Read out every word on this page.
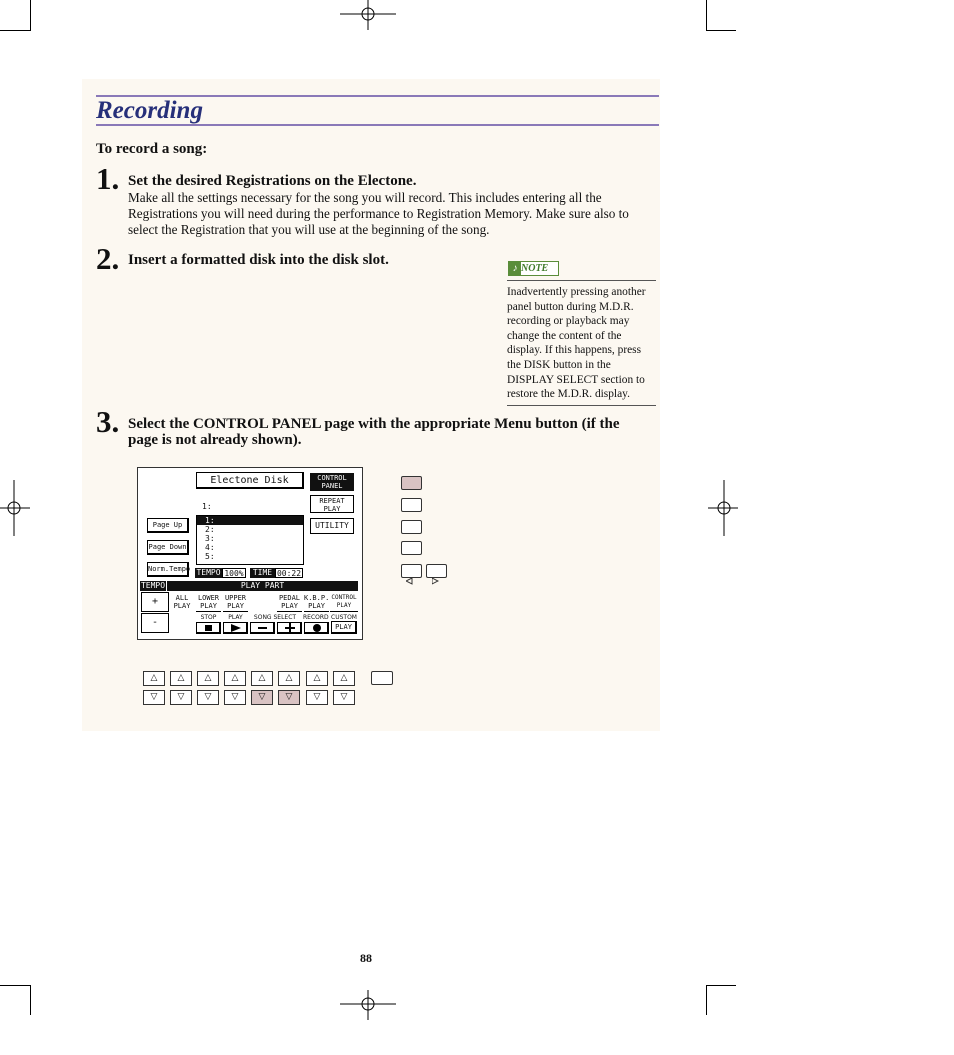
Recording
To record a song:
1. Set the desired Registrations on the Electone.
Make all the settings necessary for the song you will record. This includes entering all the
Registrations you will need during the performance to Registration Memory. Make sure also to
select the Registration that you will use at the beginning of the song.
2. Insert a formatted disk into the disk slot.
♪ NOTE
Inadvertently pressing another
panel button during M.D.R.
recording or playback may
change the content of the
display. If this happens, press
the DISK button in the
DISPLAY SELECT section to
restore the M.D.R. display.
3. Select the CONTROL PANEL page with the appropriate Menu button (if the
page is not already shown).
Electone Disk	CONTROL PANEL
REPEAT PLAY
UTILITY
1:
1:
2:
3:
4:
5:
Page Up
Page Down
Norm.Tempo TEMPO 100%	TIME 00:22
TEMPO	PLAY PART
+
-
ALL PLAY
LOWER PLAY
UPPER PLAY
PEDAL PLAY
K.B.P. PLAY
CONTROL PLAY
STOP	PLAY	SONG SELECT	RECORD CUSTOM
PLAY
△	△	△	△	△	△	△	△
▽	▽	▽	▽	▽	▽	▽	▽
88
